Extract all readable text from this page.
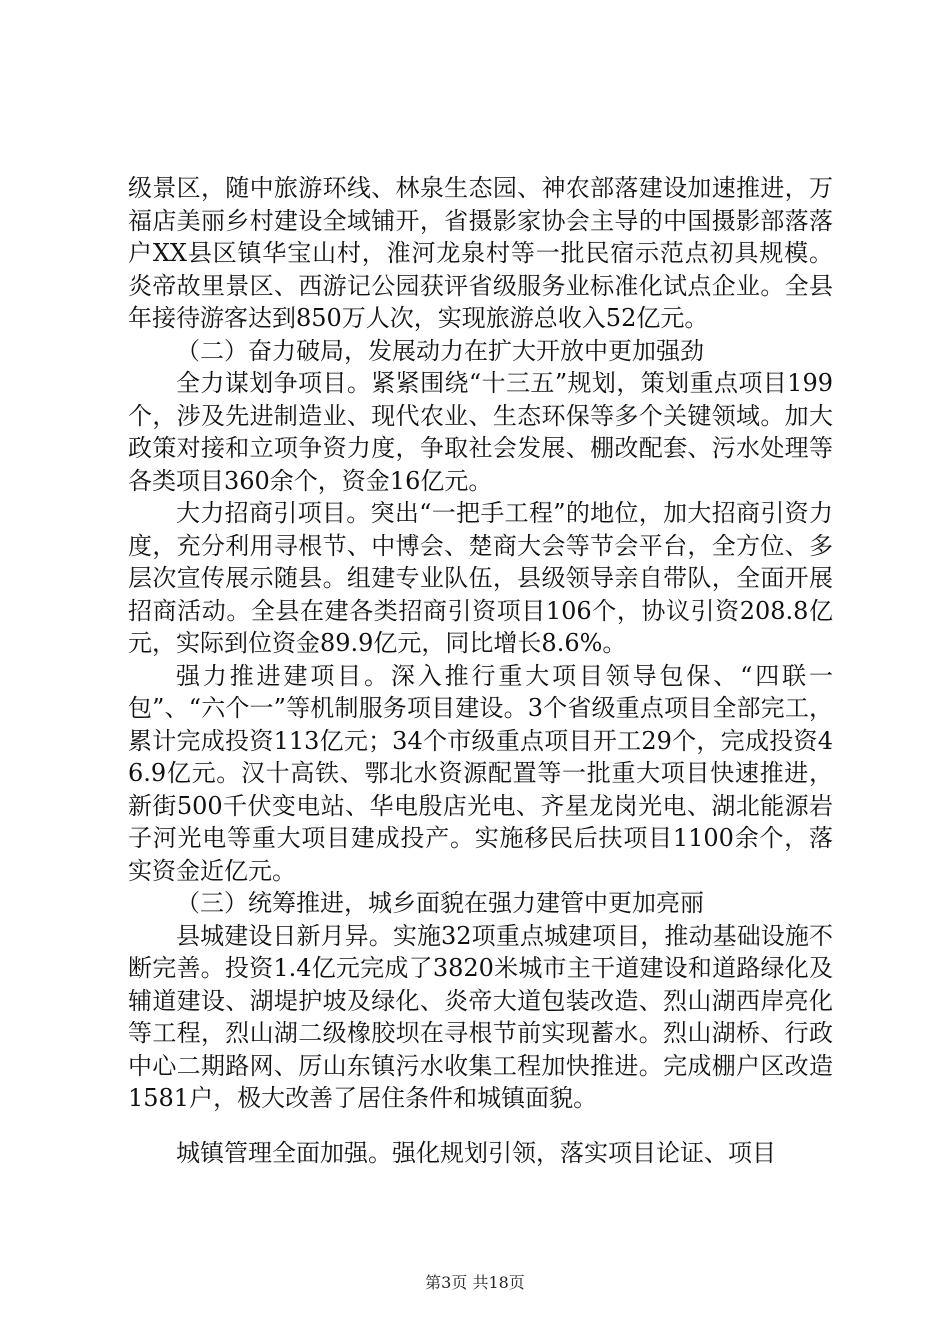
级景区，随中旅游环线、林泉生态园、神农部落建设加速推进，万福店美丽乡村建设全域铺开，省摄影家协会主导的中国摄影部落落户XX县区镇华宝山村，淮河龙泉村等一批民宿示范点初具规模。炎帝故里景区、西游记公园获评省级服务业标准化试点企业。全县年接待游客达到850万人次，实现旅游总收入52亿元。

（二）奋力破局，发展动力在扩大开放中更加强劲

全力谋划争项目。紧紧围绕“十三五”规划，策划重点项目199个，涉及先进制造业、现代农业、生态环保等多个关键领域。加大政策对接和立项争资力度，争取社会发展、棚改配套、污水处理等各类项目360余个，资金16亿元。

大力招商引项目。突出“一把手工程”的地位，加大招商引资力度，充分利用寻根节、中博会、楚商大会等节会平台，全方位、多层次宣传展示随县。组建专业队伍，县级领导亲自带队，全面开展招商活动。全县在建各类招商引资项目106个，协议引资208.8亿元，实际到位资金89.9亿元，同比增长8.6%。

强力推进建项目。深入推行重大项目领导包保、“四联一包”、“六个一”等机制服务项目建设。3个省级重点项目全部完工，累计完成投资113亿元；34个市级重点项目开工29个，完成投资46.9亿元。汉十高铁、鄂北水资源配置等一批重大项目快速推进，新街500千伏变电站、华电殷店光电、齐星龙岗光电、湖北能源岩子河光电等重大项目建成投产。实施移民后扶项目1100余个，落实资金近亿元。

（三）统筹推进，城乡面貌在强力建管中更加亮丽

县城建设日新月异。实施32项重点城建项目，推动基础设施不断完善。投资1.4亿元完成了3820米城市主干道建设和道路绿化及辅道建设、湖堤护坡及绿化、炎帝大道包装改造、烈山湖西岸亮化等工程，烈山湖二级橡胶坝在寻根节前实现蓄水。烈山湖桥、行政中心二期路网、厉山东镇污水收集工程加快推进。完成棚户区改造1581户，极大改善了居住条件和城镇面貌。

城镇管理全面加强。强化规划引领，落实项目论证、项目

第3页 共18页
